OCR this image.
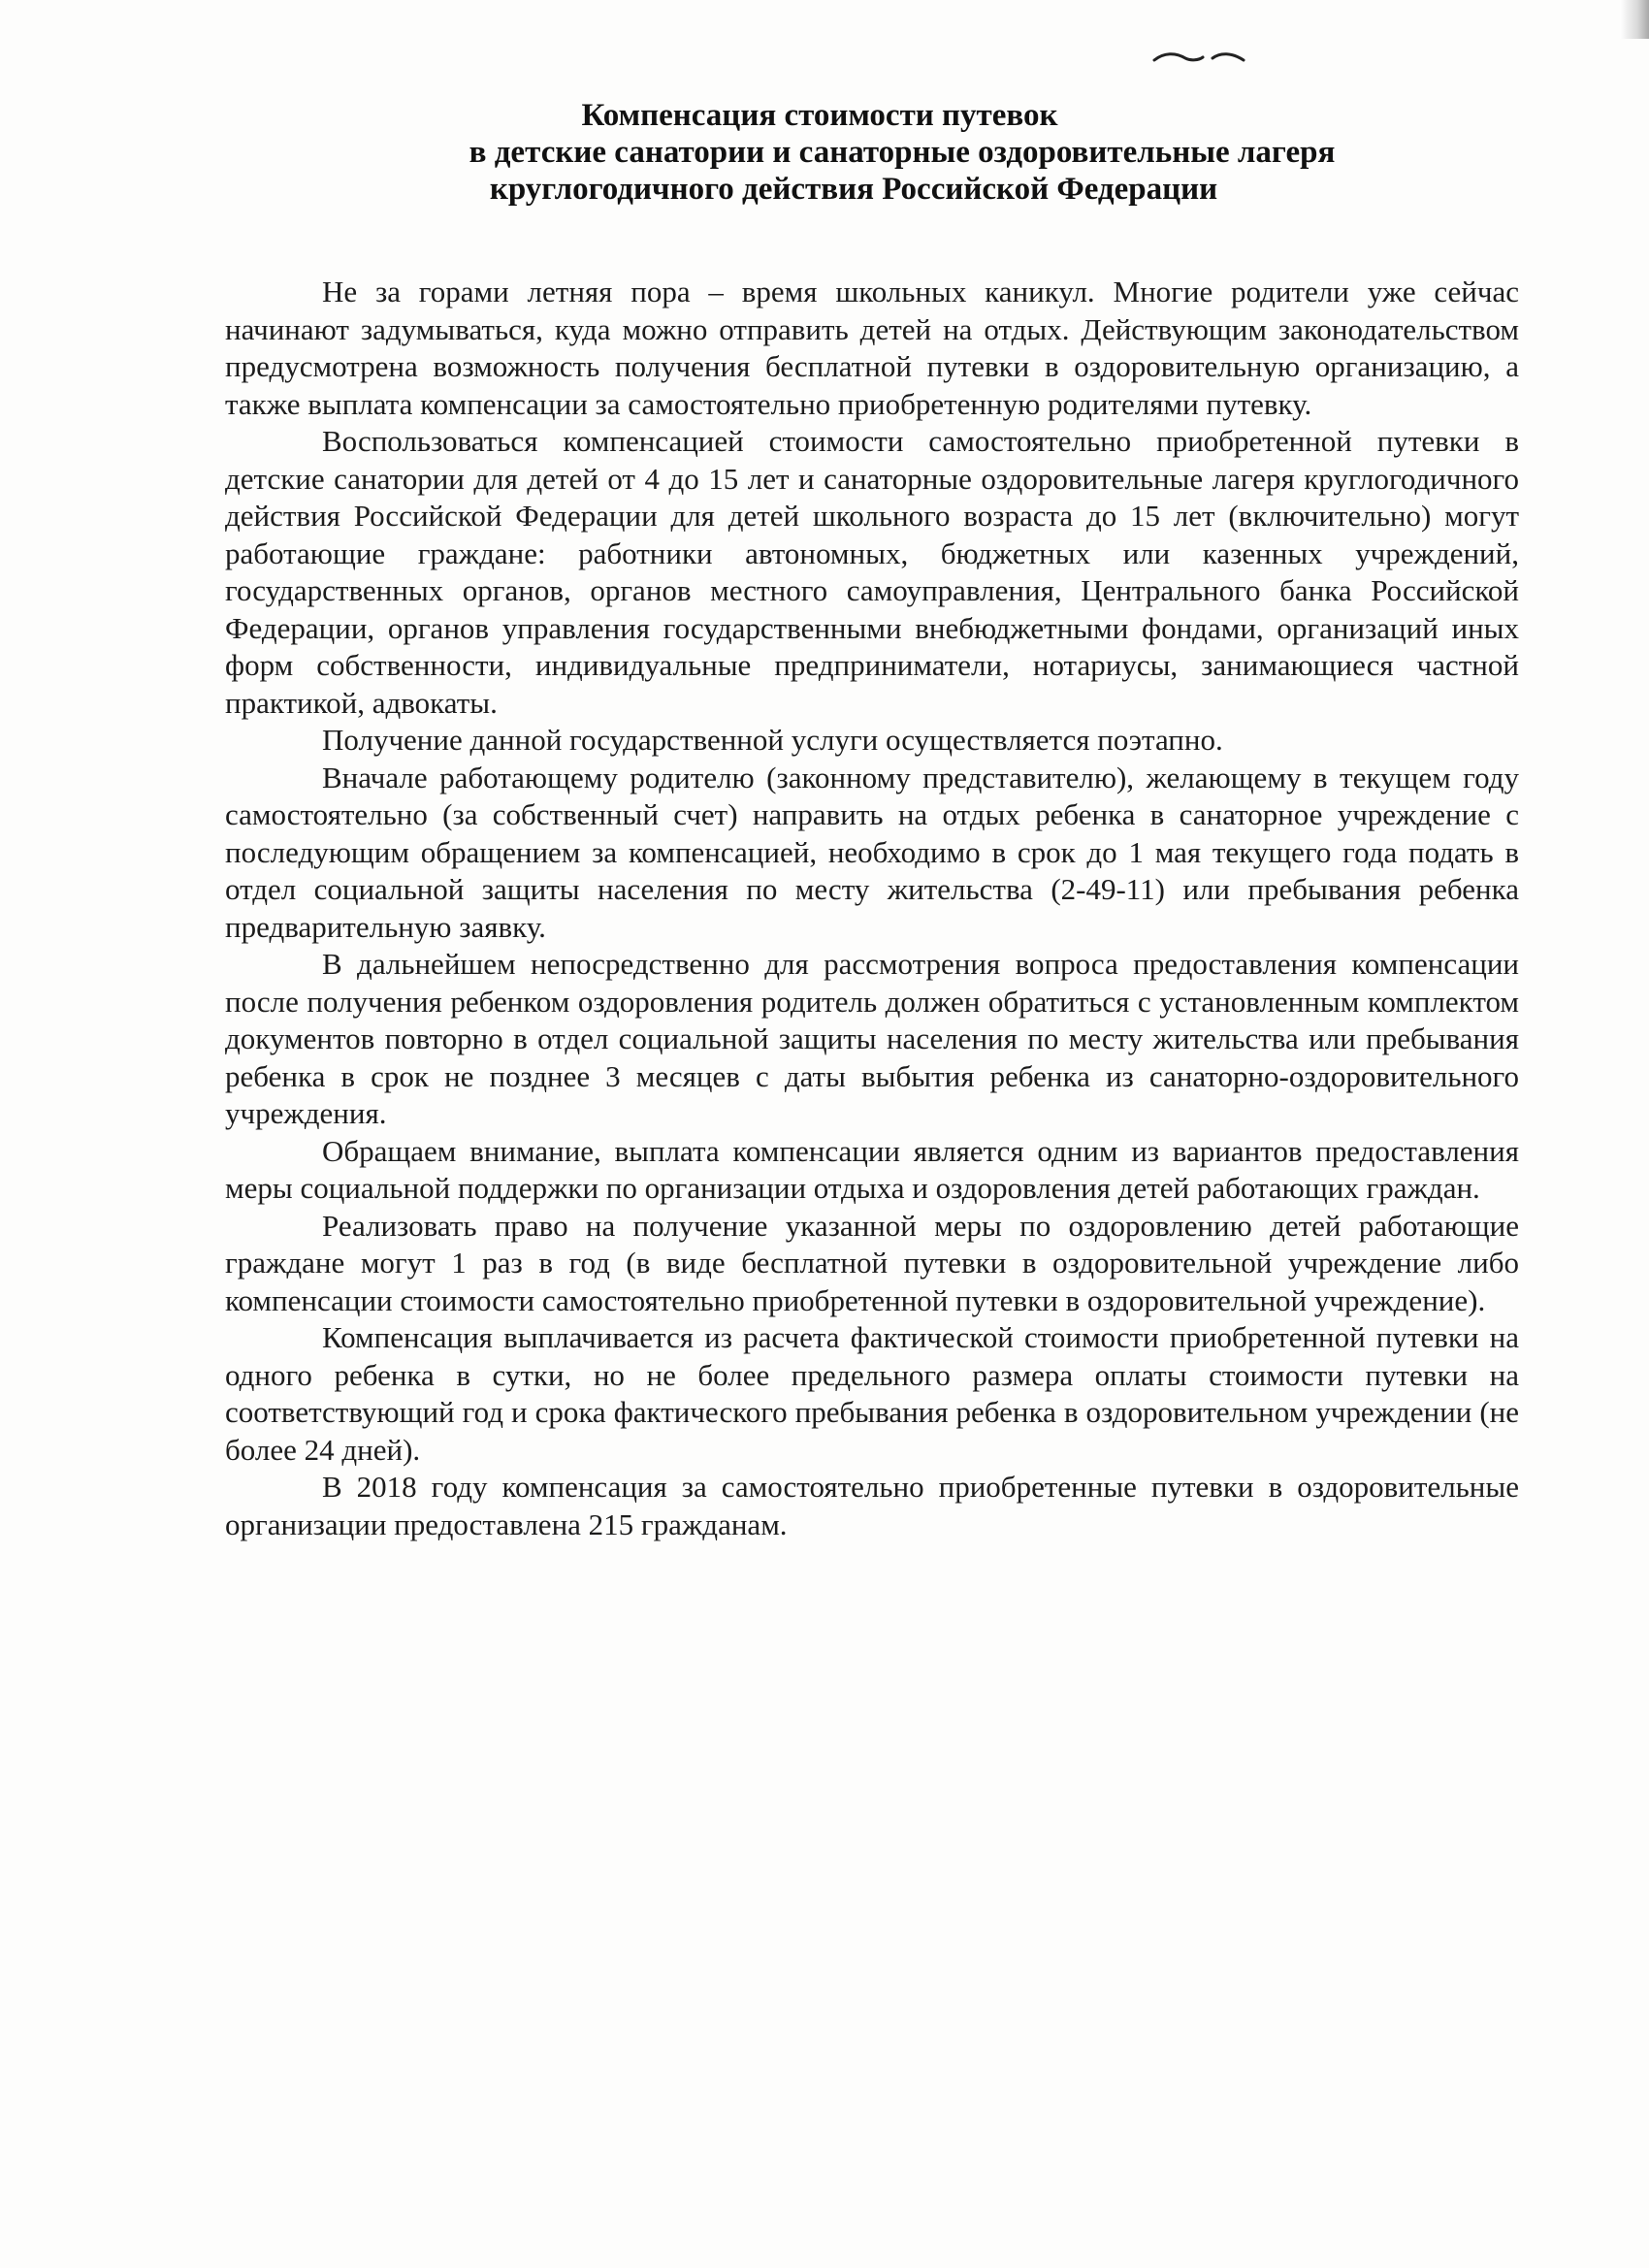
Компенсация стоимости путевок
в детские санатории и санаторные оздоровительные лагеря
круглогодичного действия Российской Федерации

Не за горами летняя пора – время школьных каникул. Многие родители уже сейчас начинают задумываться, куда можно отправить детей на отдых. Действующим законодательством предусмотрена возможность получения бесплатной путевки в оздоровительную организацию, а также выплата компенсации за самостоятельно приобретенную родителями путевку.

Воспользоваться компенсацией стоимости самостоятельно приобретенной путевки в детские санатории для детей от 4 до 15 лет и санаторные оздоровительные лагеря круглогодичного действия Российской Федерации для детей школьного возраста до 15 лет (включительно) могут работающие граждане: работники автономных, бюджетных или казенных учреждений, государственных органов, органов местного самоуправления, Центрального банка Российской Федерации, органов управления государственными внебюджетными фондами, организаций иных форм собственности, индивидуальные предприниматели, нотариусы, занимающиеся частной практикой, адвокаты.

Получение данной государственной услуги осуществляется поэтапно.

Вначале работающему родителю (законному представителю), желающему в текущем году самостоятельно (за собственный счет) направить на отдых ребенка в санаторное учреждение с последующим обращением за компенсацией, необходимо в срок до 1 мая текущего года подать в отдел социальной защиты населения по месту жительства (2-49-11) или пребывания ребенка предварительную заявку.

В дальнейшем непосредственно для рассмотрения вопроса предоставления компенсации после получения ребенком оздоровления родитель должен обратиться с установленным комплектом документов повторно в отдел социальной защиты населения по месту жительства или пребывания ребенка в срок не позднее 3 месяцев с даты выбытия ребенка из санаторно-оздоровительного учреждения.

Обращаем внимание, выплата компенсации является одним из вариантов предоставления меры социальной поддержки по организации отдыха и оздоровления детей работающих граждан.

Реализовать право на получение указанной меры по оздоровлению детей работающие граждане могут 1 раз в год (в виде бесплатной путевки в оздоровительной учреждение либо компенсации стоимости самостоятельно приобретенной путевки в оздоровительной учреждение).

Компенсация выплачивается из расчета фактической стоимости приобретенной путевки на одного ребенка в сутки, но не более предельного размера оплаты стоимости путевки на соответствующий год и срока фактического пребывания ребенка в оздоровительном учреждении (не более 24 дней).

В 2018 году компенсация за самостоятельно приобретенные путевки в оздоровительные организации предоставлена 215 гражданам.
